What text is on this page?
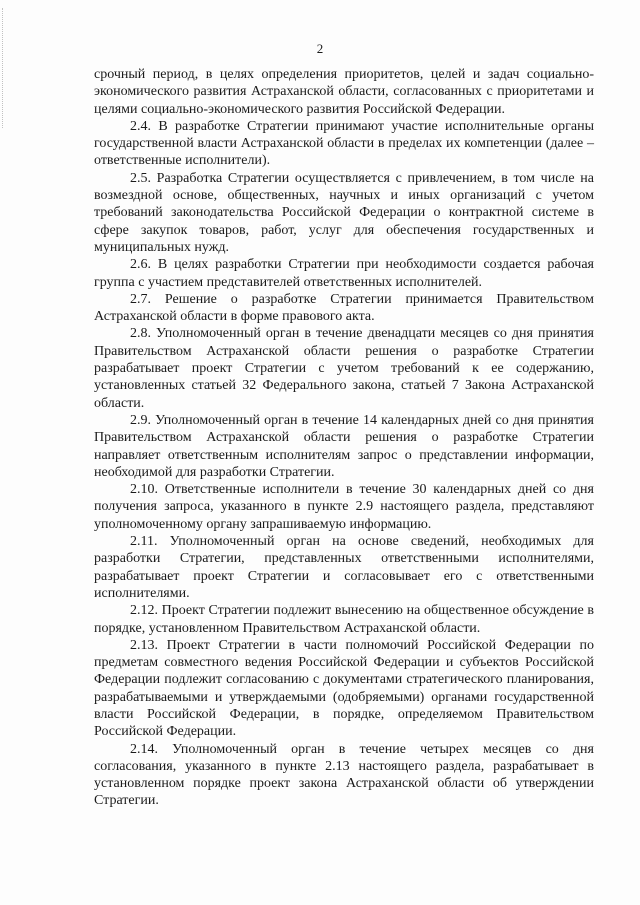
2

срочный период, в целях определения приоритетов, целей и задач социально-экономического развития Астраханской области, согласованных с приоритетами и целями социально-экономического развития Российской Федерации.

2.4. В разработке Стратегии принимают участие исполнительные органы государственной власти Астраханской области в пределах их компетенции (далее – ответственные исполнители).

2.5. Разработка Стратегии осуществляется с привлечением, в том числе на возмездной основе, общественных, научных и иных организаций с учетом требований законодательства Российской Федерации о контрактной системе в сфере закупок товаров, работ, услуг для обеспечения государственных и муниципальных нужд.

2.6. В целях разработки Стратегии при необходимости создается рабочая группа с участием представителей ответственных исполнителей.

2.7. Решение о разработке Стратегии принимается Правительством Астраханской области в форме правового акта.

2.8. Уполномоченный орган в течение двенадцати месяцев со дня принятия Правительством Астраханской области решения о разработке Стратегии разрабатывает проект Стратегии с учетом требований к ее содержанию, установленных статьей 32 Федерального закона, статьей 7 Закона Астраханской области.

2.9. Уполномоченный орган в течение 14 календарных дней со дня принятия Правительством Астраханской области решения о разработке Стратегии направляет ответственным исполнителям запрос о представлении информации, необходимой для разработки Стратегии.

2.10. Ответственные исполнители в течение 30 календарных дней со дня получения запроса, указанного в пункте 2.9 настоящего раздела, представляют уполномоченному органу запрашиваемую информацию.

2.11. Уполномоченный орган на основе сведений, необходимых для разработки Стратегии, представленных ответственными исполнителями, разрабатывает проект Стратегии и согласовывает его с ответственными исполнителями.

2.12. Проект Стратегии подлежит вынесению на общественное обсуждение в порядке, установленном Правительством Астраханской области.

2.13. Проект Стратегии в части полномочий Российской Федерации по предметам совместного ведения Российской Федерации и субъектов Российской Федерации подлежит согласованию с документами стратегического планирования, разрабатываемыми и утверждаемыми (одобряемыми) органами государственной власти Российской Федерации, в порядке, определяемом Правительством Российской Федерации.

2.14. Уполномоченный орган в течение четырех месяцев со дня согласования, указанного в пункте 2.13 настоящего раздела, разрабатывает в установленном порядке проект закона Астраханской области об утверждении Стратегии.
